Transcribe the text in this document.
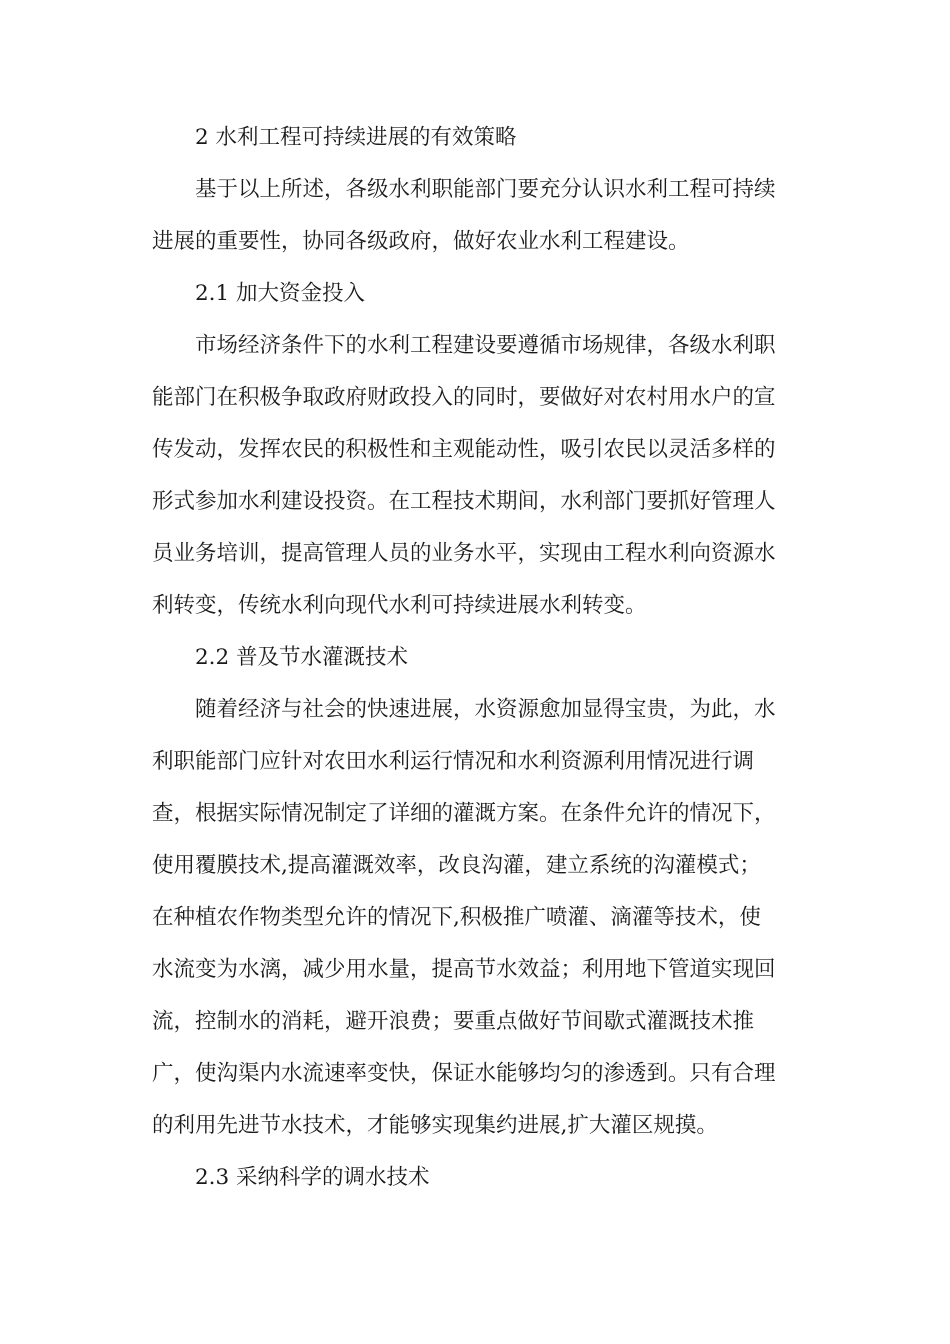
2 水利工程可持续进展的有效策略
基于以上所述，各级水利职能部门要充分认识水利工程可持续
进展的重要性，协同各级政府，做好农业水利工程建设。
2.1 加大资金投入
市场经济条件下的水利工程建设要遵循市场规律，各级水利职
能部门在积极争取政府财政投入的同时，要做好对农村用水户的宣
传发动，发挥农民的积极性和主观能动性，吸引农民以灵活多样的
形式参加水利建设投资。在工程技术期间，水利部门要抓好管理人
员业务培训，提高管理人员的业务水平，实现由工程水利向资源水
利转变，传统水利向现代水利可持续进展水利转变。
2.2 普及节水灌溉技术
随着经济与社会的快速进展，水资源愈加显得宝贵，为此，水
利职能部门应针对农田水利运行情况和水利资源利用情况进行调
查，根据实际情况制定了详细的灌溉方案。在条件允许的情况下，
使用覆膜技术,提高灌溉效率，改良沟灌，建立系统的沟灌模式；
在种植农作物类型允许的情况下,积极推广喷灌、滴灌等技术，使
水流变为水漓，减少用水量，提高节水效益；利用地下管道实现回
流，控制水的消耗，避开浪费；要重点做好节间歇式灌溉技术推
广，使沟渠内水流速率变快，保证水能够均匀的渗透到。只有合理
的利用先进节水技术，才能够实现集约进展,扩大灌区规摸。
2.3 采纳科学的调水技术
